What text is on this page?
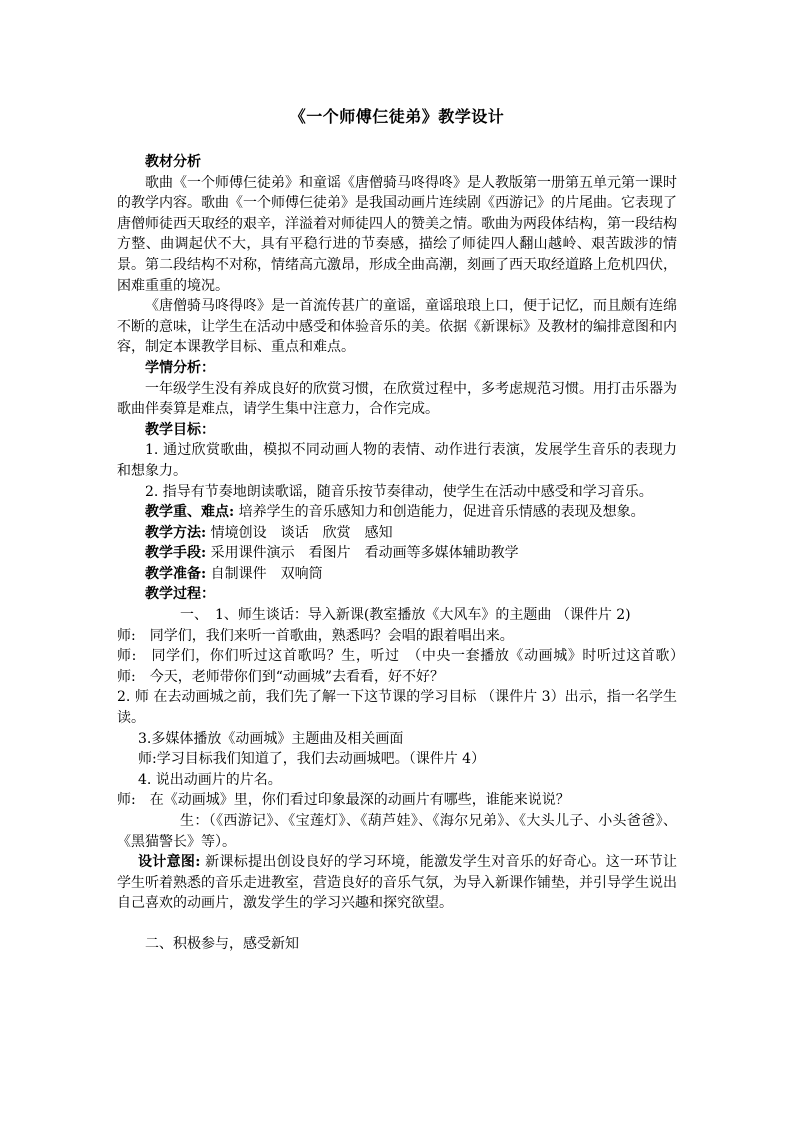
《一个师傅仨徒弟》教学设计

教材分析

歌曲《一个师傅仨徒弟》和童谣《唐僧骑马咚得咚》是人教版第一册第五单元第一课时的教学内容。歌曲《一个师傅仨徒弟》是我国动画片连续剧《西游记》的片尾曲。它表现了唐僧师徒西天取经的艰辛，洋溢着对师徒四人的赞美之情。歌曲为两段体结构，第一段结构方整、曲调起伏不大，具有平稳行进的节奏感，描绘了师徒四人翻山越岭、艰苦跋涉的情景。第二段结构不对称，情绪高亢激昂，形成全曲高潮，刻画了西天取经道路上危机四伏，困难重重的境况。

《唐僧骑马咚得咚》是一首流传甚广的童谣，童谣琅琅上口，便于记忆，而且颇有连绵不断的意味，让学生在活动中感受和体验音乐的美。依据《新课标》及教材的编排意图和内容，制定本课教学目标、重点和难点。

学情分析：

一年级学生没有养成良好的欣赏习惯，在欣赏过程中，多考虑规范习惯。用打击乐器为歌曲伴奏算是难点，请学生集中注意力，合作完成。

教学目标：

1. 通过欣赏歌曲，模拟不同动画人物的表情、动作进行表演，发展学生音乐的表现力和想象力。

2. 指导有节奏地朗读歌谣，随音乐按节奏律动，使学生在活动中感受和学习音乐。

教学重、难点: 培养学生的音乐感知力和创造能力，促进音乐情感的表现及想象。

教学方法: 情境创设　谈话　欣赏　感知

教学手段: 采用课件演示　看图片　看动画等多媒体辅助教学

教学准备: 自制课件　双响筒

教学过程：

一、　1、师生谈话：导入新课(教室播放《大风车》的主题曲 （课件片 2)

师:　同学们，我们来听一首歌曲，熟悉吗？会唱的跟着唱出来。

师:　同学们，你们听过这首歌吗？生，听过　（中央一套播放《动画城》时听过这首歌）　师:　今天，老师带你们到“动画城”去看看，好不好？

2. 师 在去动画城之前，我们先了解一下这节课的学习目标 （课件片 3）出示，指一名学生读。

3.多媒体播放《动画城》主题曲及相关画面

师:学习目标我们知道了，我们去动画城吧。（课件片 4）

4. 说出动画片的片名。

师:　在《动画城》里，你们看过印象最深的动画片有哪些，谁能来说说？

生：（《西游记》、《宝莲灯》、《葫芦娃》、《海尔兄弟》、《大头儿子、小头爸爸》、《黑猫警长》等）。

设计意图: 新课标提出创设良好的学习环境，能激发学生对音乐的好奇心。这一环节让学生听着熟悉的音乐走进教室，营造良好的音乐气氛，为导入新课作铺垫，并引导学生说出自己喜欢的动画片，激发学生的学习兴趣和探究欲望。

二、积极参与，感受新知
